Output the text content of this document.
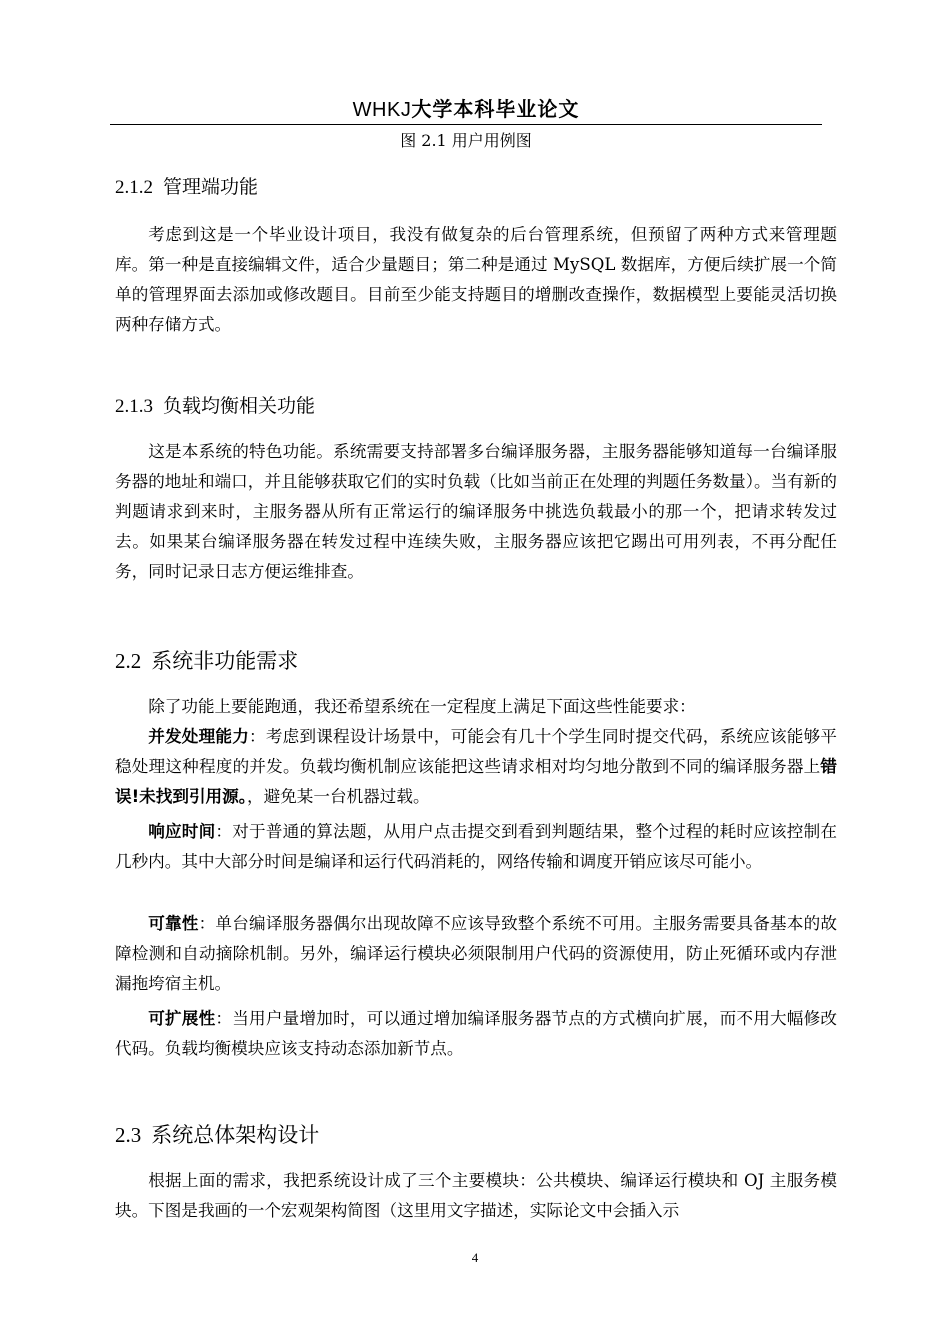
WHKJ大学本科毕业论文
图 2.1 用户用例图
2.1.2 管理端功能

考虑到这是一个毕业设计项目，我没有做复杂的后台管理系统，但预留了两种方式来管理题库。第一种是直接编辑文件，适合少量题目；第二种是通过 MySQL 数据库，方便后续扩展一个简单的管理界面去添加或修改题目。目前至少能支持题目的增删改查操作，数据模型上要能灵活切换两种存储方式。

2.1.3 负载均衡相关功能

这是本系统的特色功能。系统需要支持部署多台编译服务器，主服务器能够知道每一台编译服务器的地址和端口，并且能够获取它们的实时负载（比如当前正在处理的判题任务数量）。当有新的判题请求到来时，主服务器从所有正常运行的编译服务中挑选负载最小的那一个，把请求转发过去。如果某台编译服务器在转发过程中连续失败，主服务器应该把它踢出可用列表，不再分配任务，同时记录日志方便运维排查。

2.2 系统非功能需求

除了功能上要能跑通，我还希望系统在一定程度上满足下面这些性能要求：

并发处理能力：考虑到课程设计场景中，可能会有几十个学生同时提交代码，系统应该能够平稳处理这种程度的并发。负载均衡机制应该能把这些请求相对均匀地分散到不同的编译服务器上错误!未找到引用源。，避免某一台机器过载。

响应时间：对于普通的算法题，从用户点击提交到看到判题结果，整个过程的耗时应该控制在几秒内。其中大部分时间是编译和运行代码消耗的，网络传输和调度开销应该尽可能小。

可靠性：单台编译服务器偶尔出现故障不应该导致整个系统不可用。主服务需要具备基本的故障检测和自动摘除机制。另外，编译运行模块必须限制用户代码的资源使用，防止死循环或内存泄漏拖垮宿主机。

可扩展性：当用户量增加时，可以通过增加编译服务器节点的方式横向扩展，而不用大幅修改代码。负载均衡模块应该支持动态添加新节点。

2.3 系统总体架构设计

根据上面的需求，我把系统设计成了三个主要模块：公共模块、编译运行模块和 OJ 主服务模块。下图是我画的一个宏观架构简图（这里用文字描述，实际论文中会插入示

4
